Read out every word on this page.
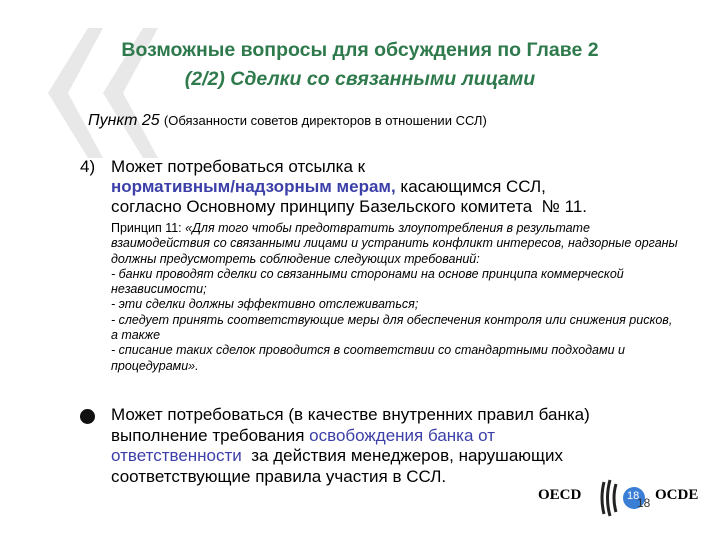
Возможные вопросы для обсуждения по Главе 2
(2/2) Сделки со связанными лицами
Пункт 25 (Обязанности советов директоров в отношении ССЛ)
4) Может потребоваться отсылка к
нормативным/надзорным мерам, касающимся ССЛ,
согласно Основному принципу Базельского комитета  № 11.
Принцип 11: «Для того чтобы предотвратить злоупотребления в результате взаимодействия со связанными лицами и устранить конфликт интересов, надзорные органы должны предусмотреть соблюдение следующих требований:
- банки проводят сделки со связанными сторонами на основе принципа коммерческой независимости;
- эти сделки должны эффективно отслеживаться;
- следует принять соответствующие меры для обеспечения контроля или снижения рисков, а также
- списание таких сделок проводится в соответствии со стандартными подходами и процедурами».
Может потребоваться (в качестве внутренних правил банка)
выполнение требования освобождения банка от
ответственности  за действия менеджеров, нарушающих
соответствующие правила участия в ССЛ.
OECD	OCDE
18
18
